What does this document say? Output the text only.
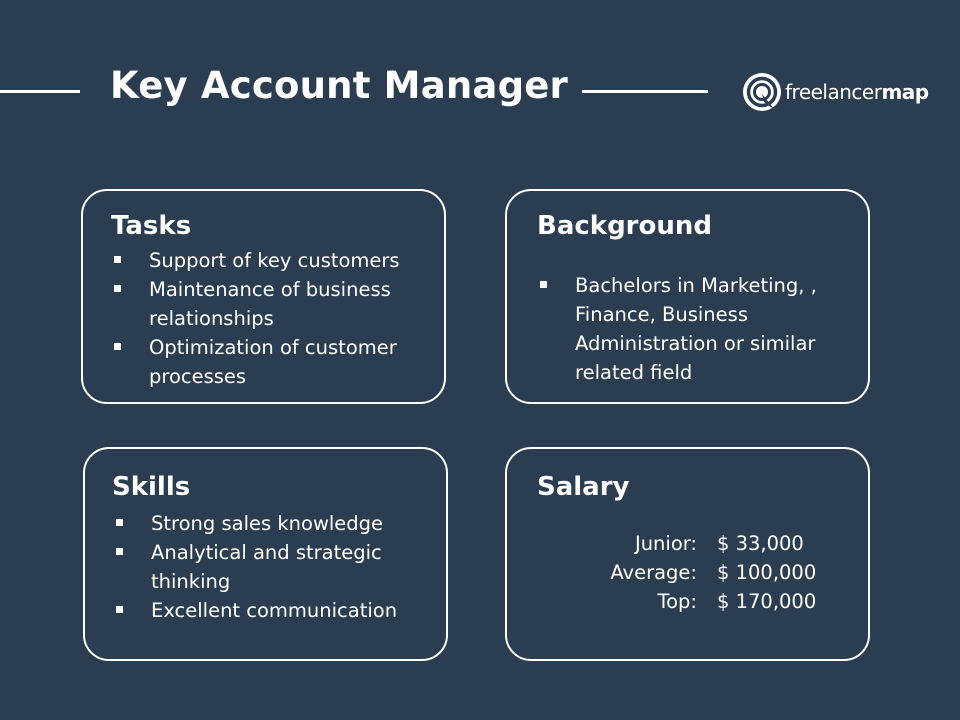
Key Account Manager	freelancermap
Tasks
Support of key customers
Maintenance of business relationships
Optimization of customer processes
Background
Bachelors in Marketing, , Finance, Business Administration or similar related field
Skills
Strong sales knowledge
Analytical and strategic thinking
Excellent communication
Salary
Junior: $ 33,000
Average: $ 100,000
Top: $ 170,000
